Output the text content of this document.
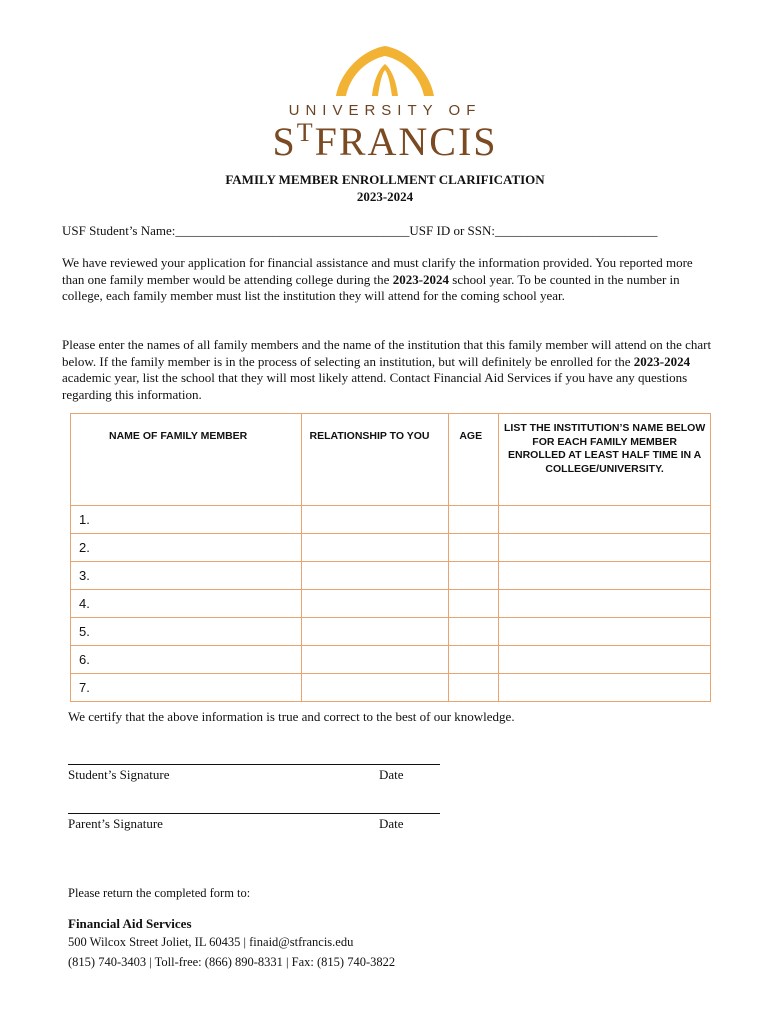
UNIVERSITY OF
$S^TFRANCIS$
FAMILY MEMBER ENROLLMENT CLARIFICATION
2023-2024
USF Student’s Name:____________________________________USF ID or SSN:_________________________
We have reviewed your application for financial assistance and must clarify the information provided. You reported more than one family member would be attending college during the 2023-2024 school year. To be counted in the number in college, each family member must list the institution they will attend for the coming school year.
Please enter the names of all family members and the name of the institution that this family member will attend on the chart below. If the family member is in the process of selecting an institution, but will definitely be enrolled for the 2023-2024 academic year, list the school that they will most likely attend. Contact Financial Aid Services if you have any questions regarding this information.
NAME OF FAMILY MEMBER	RELATIONSHIP TO YOU	AGE	LIST THE INSTITUTION’S NAME BELOW FOR EACH FAMILY MEMBER ENROLLED AT LEAST HALF TIME IN A COLLEGE/UNIVERSITY.
1.			
2.			
3.			
4.			
5.			
6.			
7.			
We certify that the above information is true and correct to the best of our knowledge.
Student’s Signature	Date
Parent’s Signature	Date
Please return the completed form to:
Financial Aid Services
500 Wilcox Street Joliet, IL 60435 | finaid@stfrancis.edu
(815) 740-3403 | Toll-free: (866) 890-8331 | Fax: (815) 740-3822
